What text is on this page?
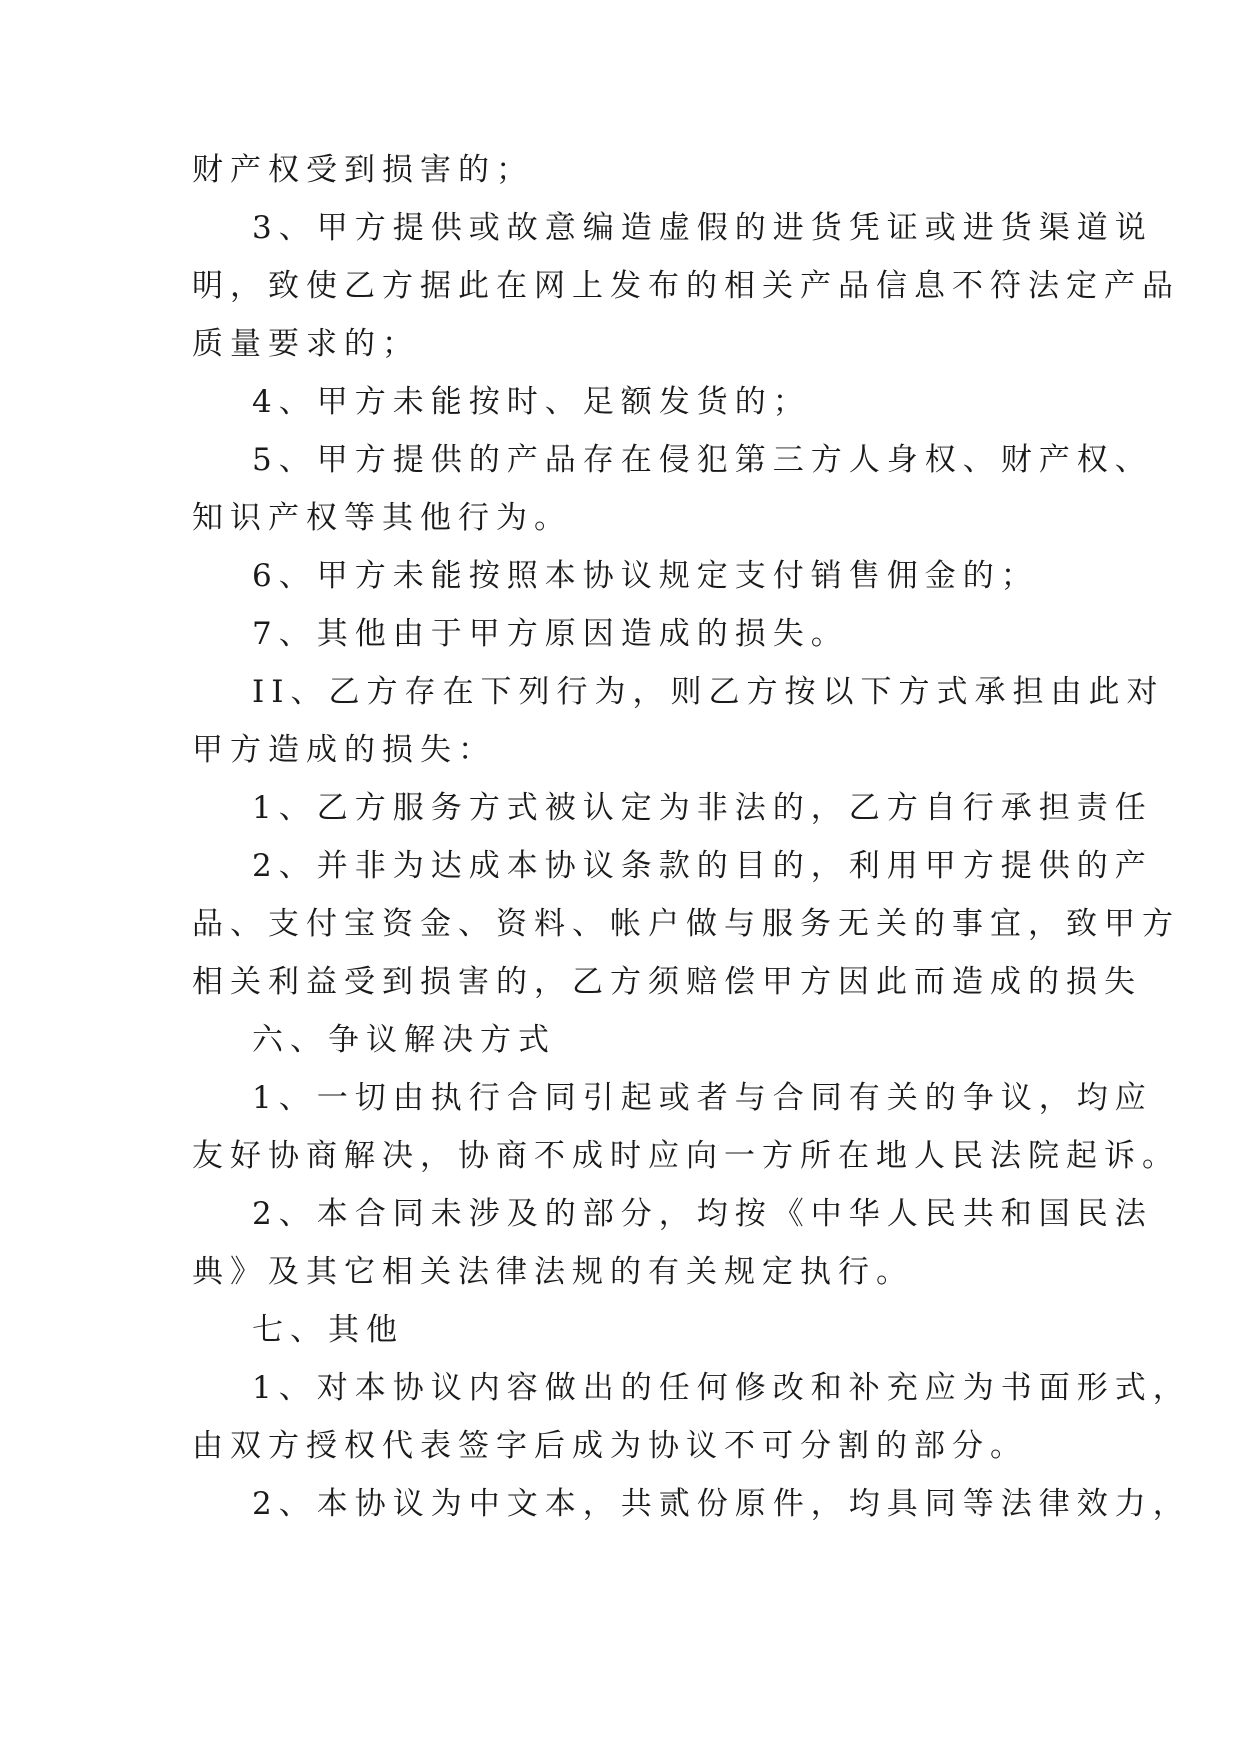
财产权受到损害的；

3、甲方提供或故意编造虚假的进货凭证或进货渠道说

明，致使乙方据此在网上发布的相关产品信息不符法定产品

质量要求的；

4、甲方未能按时、足额发货的；

5、甲方提供的产品存在侵犯第三方人身权、财产权、

知识产权等其他行为。

6、甲方未能按照本协议规定支付销售佣金的；

7、其他由于甲方原因造成的损失。

II、乙方存在下列行为，则乙方按以下方式承担由此对

甲方造成的损失：

1、乙方服务方式被认定为非法的，乙方自行承担责任

2、并非为达成本协议条款的目的，利用甲方提供的产

品、支付宝资金、资料、帐户做与服务无关的事宜，致甲方

相关利益受到损害的，乙方须赔偿甲方因此而造成的损失

六、争议解决方式

1、一切由执行合同引起或者与合同有关的争议，均应

友好协商解决，协商不成时应向一方所在地人民法院起诉。

2、本合同未涉及的部分，均按《中华人民共和国民法

典》及其它相关法律法规的有关规定执行。

七、其他

1、对本协议内容做出的任何修改和补充应为书面形式，

由双方授权代表签字后成为协议不可分割的部分。

2、本协议为中文本，共贰份原件，均具同等法律效力，
